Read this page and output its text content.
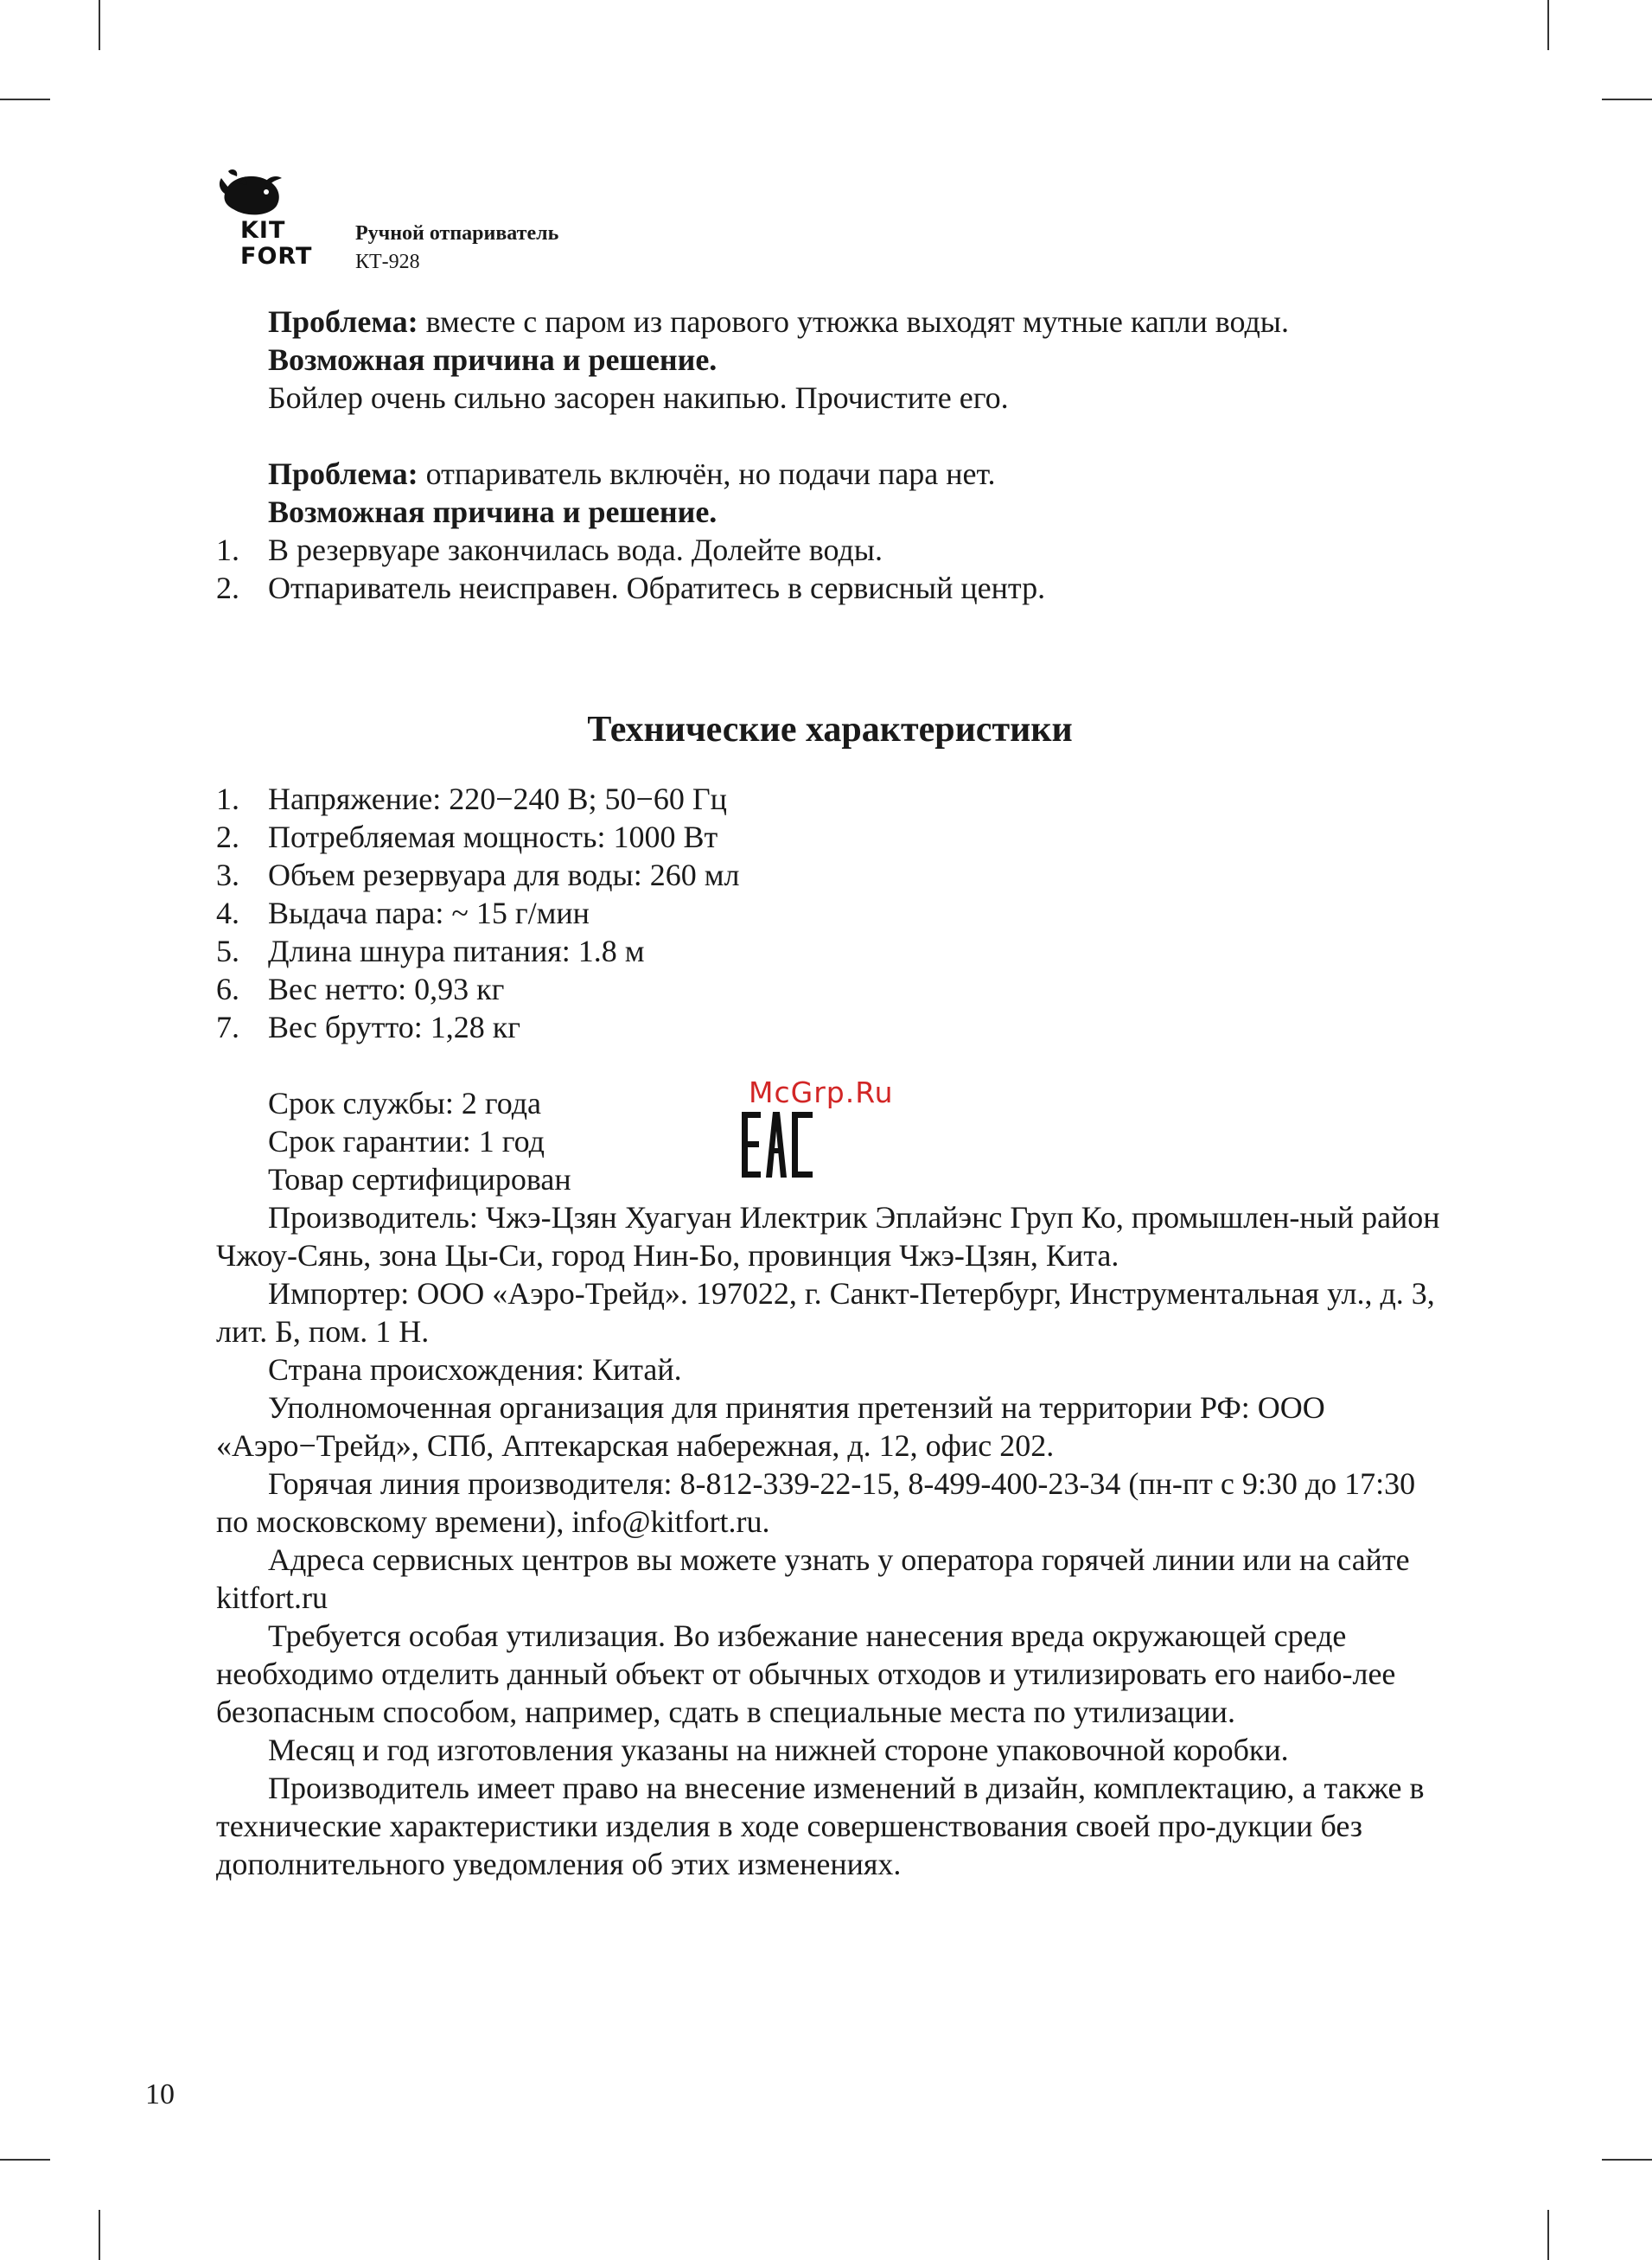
KIT
FORT
Ручной отпариватель
КТ-928

Проблема: вместе с паром из парового утюжка выходят мутные капли воды.

Возможная причина и решение.

Бойлер очень сильно засорен накипью. Прочистите его.

Проблема: отпариватель включён, но подачи пара нет.

Возможная причина и решение.

1. В резервуаре закончилась вода. Долейте воды.
2. Отпариватель неисправен. Обратитесь в сервисный центр.
Технические характеристики
1. Напряжение: 220−240 В; 50−60 Гц
2. Потребляемая мощность: 1000 Вт
3. Объем резервуара для воды: 260 мл
4. Выдача пара: ~ 15 г/мин
5. Длина шнура питания: 1.8 м
6. Вес нетто: 0,93 кг
7. Вес брутто: 1,28 кг

Срок службы: 2 года

Срок гарантии: 1 год

Товар сертифицирован

McGrp.Ru

Производитель: Чжэ-Цзян Хуагуан Илектрик Эплайэнс Груп Ко, промышлен-ный район Чжоу-Сянь, зона Цы-Си, город Нин-Бо, провинция Чжэ-Цзян, Кита.

Импортер: ООО «Аэро-Трейд». 197022, г. Санкт-Петербург, Инструментальная ул., д. 3, лит. Б, пом. 1 Н.

Страна происхождения: Китай.

Уполномоченная организация для принятия претензий на территории РФ: ООО «Аэро−Трейд», СПб, Аптекарская набережная, д. 12, офис 202.

Горячая линия производителя: 8-812-339-22-15, 8-499-400-23-34 (пн-пт с 9:30 до 17:30 по московскому времени), info@kitfort.ru.

Адреса сервисных центров вы можете узнать у оператора горячей линии или на сайте kitfort.ru

Требуется особая утилизация. Во избежание нанесения вреда окружающей среде необходимо отделить данный объект от обычных отходов и утилизировать его наибо-лее безопасным способом, например, сдать в специальные места по утилизации.

Месяц и год изготовления указаны на нижней стороне упаковочной коробки.

Производитель имеет право на внесение изменений в дизайн, комплектацию, а также в технические характеристики изделия в ходе совершенствования своей про-дукции без дополнительного уведомления об этих изменениях.

10
